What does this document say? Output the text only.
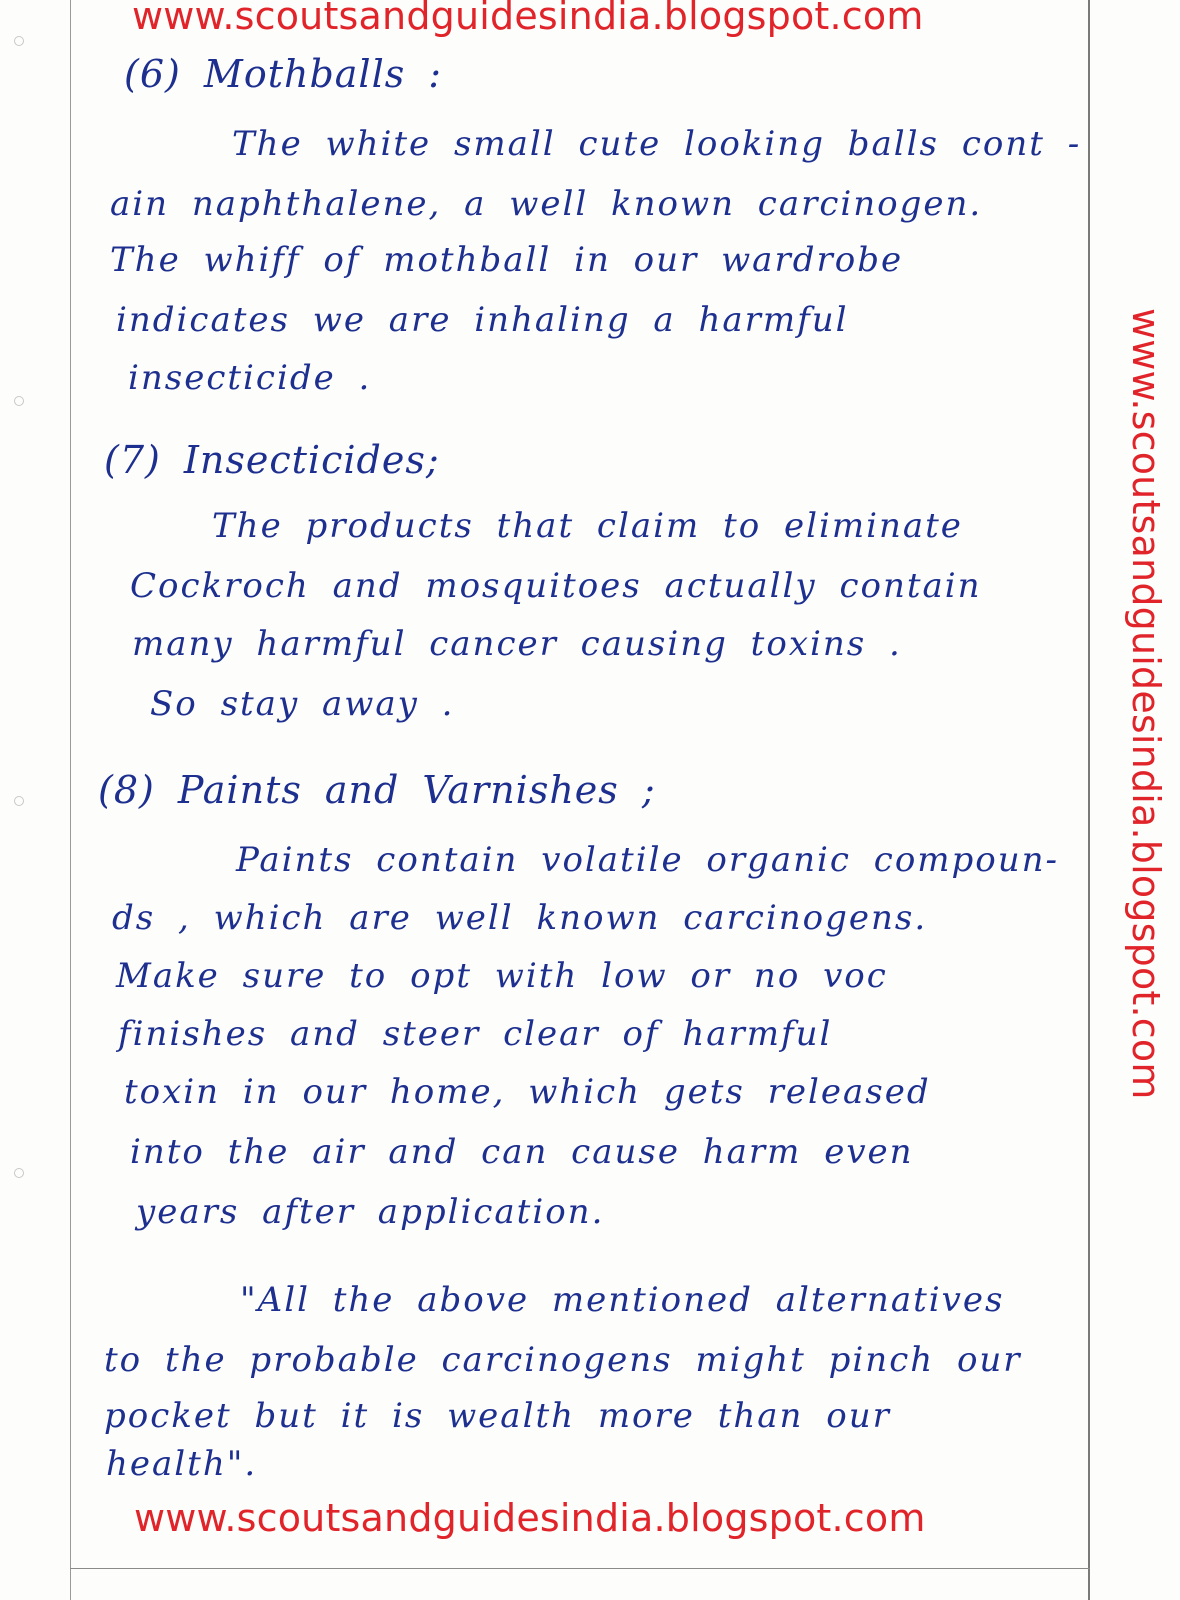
www.scoutsandguidesindia.blogspot.com
www.scoutsandguidesindia.blogspot.com
www.scoutsandguidesindia.blogspot.com
(6) Mothballs :
The white small cute looking balls cont -
ain naphthalene, a well known carcinogen.
The whiff of mothball in our wardrobe
indicates we are inhaling a harmful
insecticide .
(7) Insecticides;
The products that claim to eliminate
Cockroch and mosquitoes actually contain
many harmful cancer causing toxins .
So stay away .
(8) Paints and Varnishes ;
Paints contain volatile organic compoun-
ds , which are well known carcinogens.
Make sure to opt with low or no voc
finishes and steer clear of harmful
toxin in our home, which gets released
into the air and can cause harm even
years after application.
"All the above mentioned alternatives
to the probable carcinogens might pinch our
pocket but it is wealth more than our
health".
